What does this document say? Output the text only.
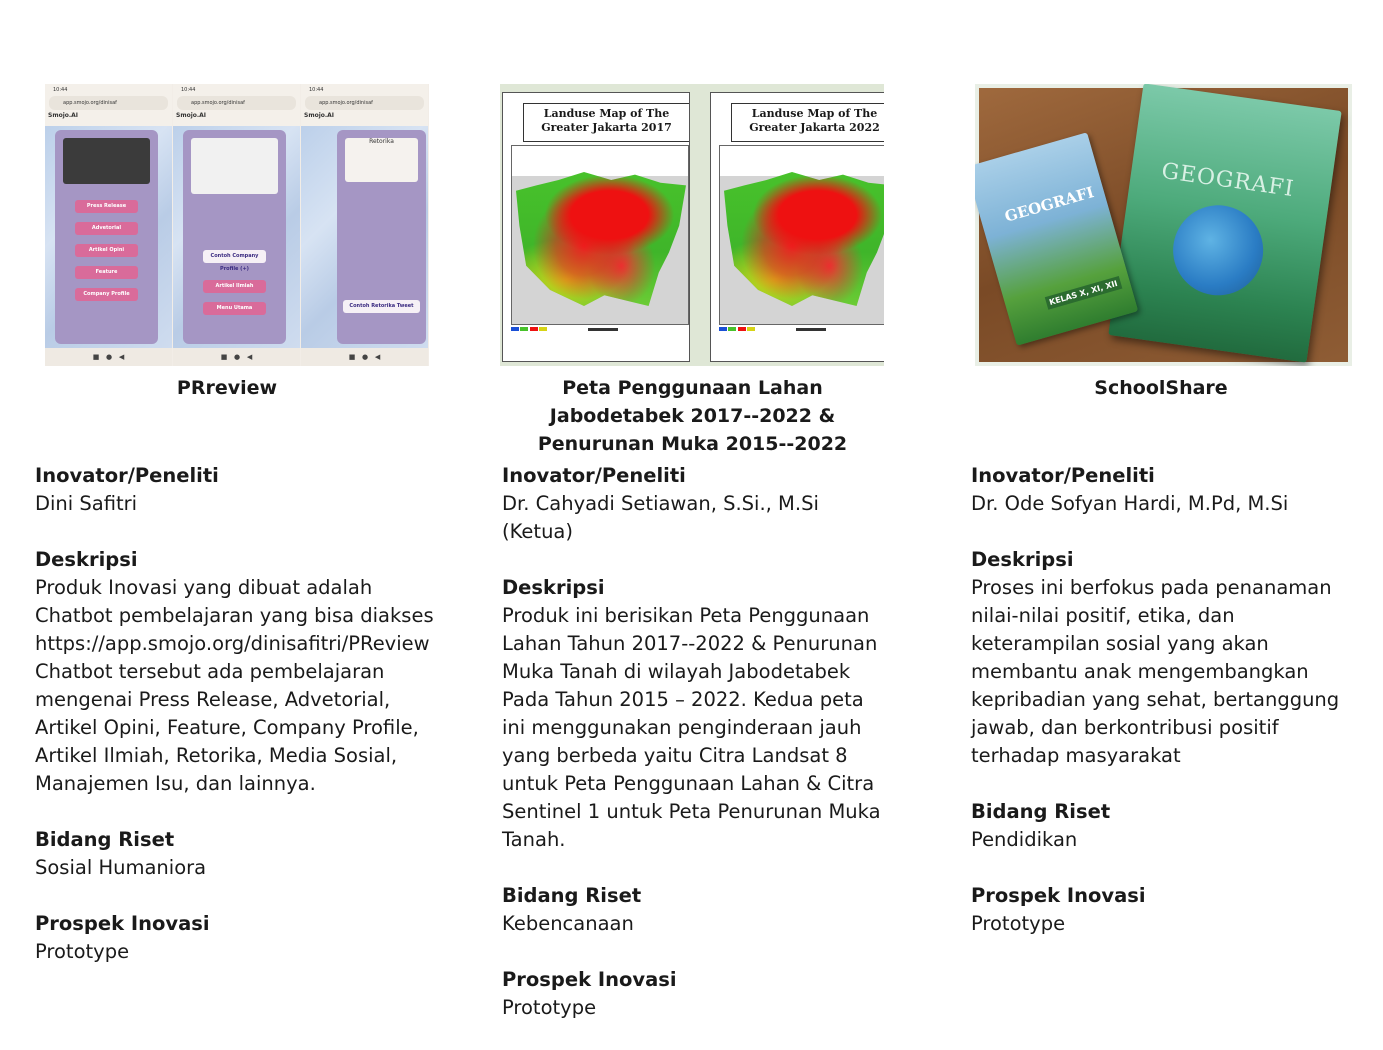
10:44
app.smojo.org/dinisaf
Smojo.AI
Press Release
Advetorial
Artikel Opini
Feature
Company Profile
■   ●   ◀
10:44
app.smojo.org/dinisaf
Smojo.AI
Contoh Company Profile (+)
Artikel Ilmiah
Menu Utama
■   ●   ◀
10:44
app.smojo.org/dinisaf
Smojo.AI
Retorika
Contoh Retorika Tweet
■   ●   ◀
PRreview
Inovator/Peneliti
Dini Safitri
Deskripsi
Produk Inovasi yang dibuat adalah Chatbot pembelajaran yang bisa diakses https://app.smojo.org/dinisafitri/PReview Chatbot tersebut ada pembelajaran mengenai Press Release, Advetorial, Artikel Opini, Feature, Company Profile, Artikel Ilmiah, Retorika, Media Sosial, Manajemen Isu, dan lainnya.
Bidang Riset
Sosial Humaniora
Prospek Inovasi
Prototype
Landuse Map of The Greater Jakarta 2017

Landuse Map of The Greater Jakarta 2022

Peta Penggunaan Lahan Jabodetabek 2017--2022 & Penurunan Muka 2015--2022
Inovator/Peneliti
Dr. Cahyadi Setiawan, S.Si., M.Si (Ketua)
Deskripsi
Produk ini berisikan Peta Penggunaan Lahan Tahun 2017--2022 & Penurunan Muka Tanah di wilayah Jabodetabek Pada Tahun 2015 – 2022. Kedua peta ini menggunakan penginderaan jauh yang berbeda yaitu Citra Landsat 8 untuk Peta Penggunaan Lahan & Citra Sentinel 1 untuk Peta Penurunan Muka Tanah.
Bidang Riset
Kebencanaan
Prospek Inovasi
Prototype
GEOGRAFI
GEOGRAFI
KELAS X, XI, XII
SchoolShare
Inovator/Peneliti
Dr. Ode Sofyan Hardi, M.Pd, M.Si
Deskripsi
Proses ini berfokus pada penanaman nilai-nilai positif, etika, dan keterampilan sosial yang akan membantu anak mengembangkan kepribadian yang sehat, bertanggung jawab, dan berkontribusi positif terhadap masyarakat
Bidang Riset
Pendidikan
Prospek Inovasi
Prototype
